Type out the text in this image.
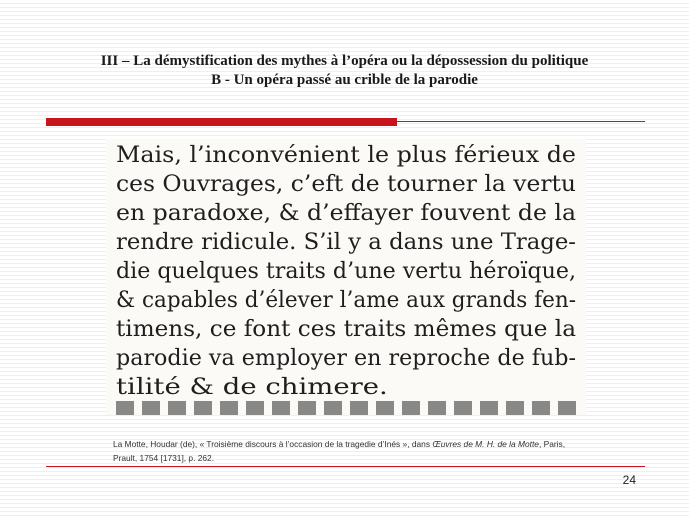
III – La démystification des mythes à l’opéra ou la dépossession du politique
B - Un opéra passé au crible de la parodie
Mais, l’inconvénient le plus férieux de
ces Ouvrages, c’eft de tourner la vertu
en paradoxe, & d’effayer fouvent de la
rendre ridicule. S’il y a dans une Trage-
die quelques traits d’une vertu héroïque,
& capables d’élever l’ame aux grands fen-
timens, ce font ces traits mêmes que la
parodie va employer en reproche de fub-
tilité & de chimere.
La Motte, Houdar (de), « Troisième discours à l’occasion de la tragedie d’Inés », dans Œuvres de M. H. de la Motte, Paris, Prault, 1754 [1731], p. 262.
24
